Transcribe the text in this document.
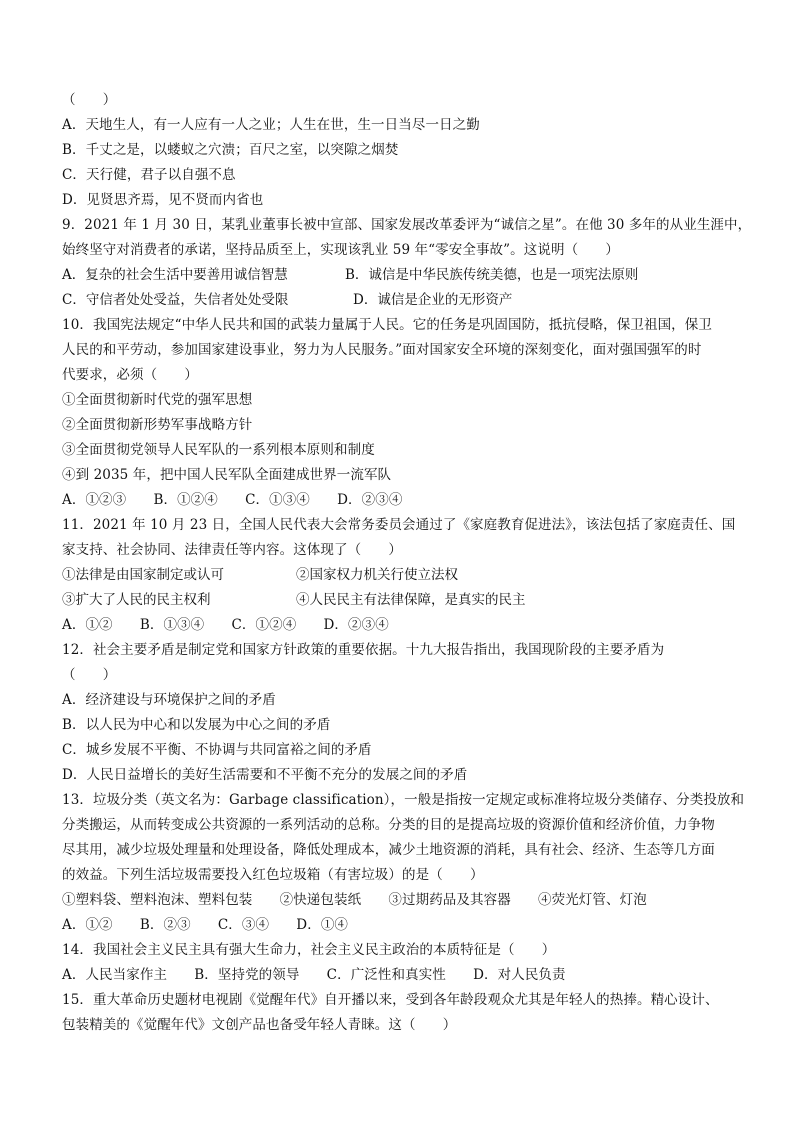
（　　）
A．天地生人，有一人应有一人之业；人生在世，生一日当尽一日之勤
B．千丈之是，以蝼蚁之穴溃；百尺之室，以突隙之烟焚
C．天行健，君子以自强不息
D．见贤思齐焉，见不贤而内省也
9．2021 年 1 月 30 日，某乳业董事长被中宣部、国家发展改革委评为“诚信之星”。在他 30 多年的从业生涯中，
始终坚守对消费者的承诺，坚持品质至上，实现该乳业 59 年“零安全事故”。这说明（　　）
A．复杂的社会生活中要善用诚信智慧	B．诚信是中华民族传统美德，也是一项宪法原则
C．守信者处处受益，失信者处处受限	D．诚信是企业的无形资产
10．我国宪法规定“中华人民共和国的武装力量属于人民。它的任务是巩固国防，抵抗侵略，保卫祖国，保卫
人民的和平劳动，参加国家建设事业，努力为人民服务。”面对国家安全环境的深刻变化，面对强国强军的时
代要求，必须（　　）
①全面贯彻新时代党的强军思想
②全面贯彻新形势军事战略方针
③全面贯彻党领导人民军队的一系列根本原则和制度
④到 2035 年，把中国人民军队全面建成世界一流军队
A．①②③　　B．①②④　　C．①③④　　D．②③④
11．2021 年 10 月 23 日，全国人民代表大会常务委员会通过了《家庭教育促进法》，该法包括了家庭责任、国
家支持、社会协同、法律责任等内容。这体现了（　　）
①法律是由国家制定或认可	②国家权力机关行使立法权
③扩大了人民的民主权利	④人民民主有法律保障，是真实的民主
A．①②　　B．①③④　　C．①②④　　D．②③④
12．社会主要矛盾是制定党和国家方针政策的重要依据。十九大报告指出，我国现阶段的主要矛盾为
（　　）
A．经济建设与环境保护之间的矛盾
B．以人民为中心和以发展为中心之间的矛盾
C．城乡发展不平衡、不协调与共同富裕之间的矛盾
D．人民日益增长的美好生活需要和不平衡不充分的发展之间的矛盾
13．垃圾分类（英文名为：Garbage classification），一般是指按一定规定或标准将垃圾分类储存、分类投放和
分类搬运，从而转变成公共资源的一系列活动的总称。分类的目的是提高垃圾的资源价值和经济价值，力争物
尽其用，减少垃圾处理量和处理设备，降低处理成本，减少土地资源的消耗，具有社会、经济、生态等几方面
的效益。下列生活垃圾需要投入红色垃圾箱（有害垃圾）的是（　　）
①塑料袋、塑料泡沫、塑料包装　　②快递包装纸　　③过期药品及其容器　　④荧光灯管、灯泡
A．①②　　B．②③　　C．③④　　D．①④
14．我国社会主义民主具有强大生命力，社会主义民主政治的本质特征是（　　）
A．人民当家作主　　B．坚持党的领导　　C．广泛性和真实性　　D．对人民负责
15．重大革命历史题材电视剧《觉醒年代》自开播以来，受到各年龄段观众尤其是年轻人的热捧。精心设计、
包装精美的《觉醒年代》文创产品也备受年轻人青睐。这（　　）
